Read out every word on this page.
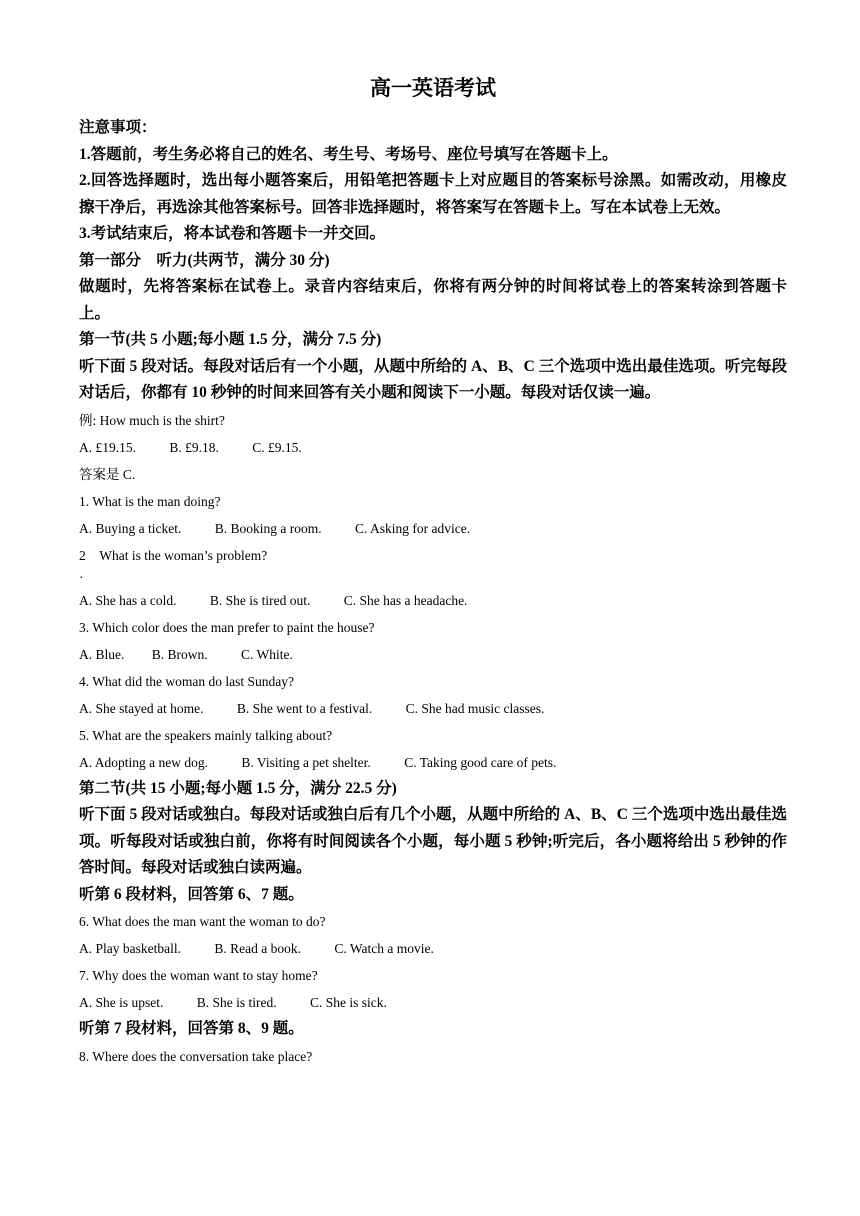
高一英语考试
注意事项：
1.答题前，考生务必将自己的姓名、考生号、考场号、座位号填写在答题卡上。
2.回答选择题时，选出每小题答案后，用铅笔把答题卡上对应题目的答案标号涂黑。如需改动，用橡皮擦干净后，再选涂其他答案标号。回答非选择题时，将答案写在答题卡上。写在本试卷上无效。
3.考试结束后，将本试卷和答题卡一并交回。
第一部分　听力(共两节，满分 30 分)
做题时，先将答案标在试卷上。录音内容结束后，你将有两分钟的时间将试卷上的答案转涂到答题卡上。
第一节(共 5 小题;每小题 1.5 分，满分 7.5 分)
听下面 5 段对话。每段对话后有一个小题，从题中所给的 A、B、C 三个选项中选出最佳选项。听完每段对话后，你都有 10 秒钟的时间来回答有关小题和阅读下一小题。每段对话仅读一遍。
例: How much is the shirt?
A. £19.15. B. £9.18. C. £9.15.
答案是 C.
1. What is the man doing?
A. Buying a ticket. B. Booking a room. C. Asking for advice.
2　What is the woman’s problem?
·
A. She has a cold. B. She is tired out. C. She has a headache.
3. Which color does the man prefer to paint the house?
A. Blue. B. Brown. C. White.
4. What did the woman do last Sunday?
A. She stayed at home. B. She went to a festival. C. She had music classes.
5. What are the speakers mainly talking about?
A. Adopting a new dog. B. Visiting a pet shelter. C. Taking good care of pets.
第二节(共 15 小题;每小题 1.5 分，满分 22.5 分)
听下面 5 段对话或独白。每段对话或独白后有几个小题，从题中所给的 A、B、C 三个选项中选出最佳选项。听每段对话或独白前，你将有时间阅读各个小题，每小题 5 秒钟;听完后，各小题将给出 5 秒钟的作答时间。每段对话或独白读两遍。
听第 6 段材料，回答第 6、7 题。
6. What does the man want the woman to do?
A. Play basketball. B. Read a book. C. Watch a movie.
7. Why does the woman want to stay home?
A. She is upset. B. She is tired. C. She is sick.
听第 7 段材料，回答第 8、9 题。
8. Where does the conversation take place?
